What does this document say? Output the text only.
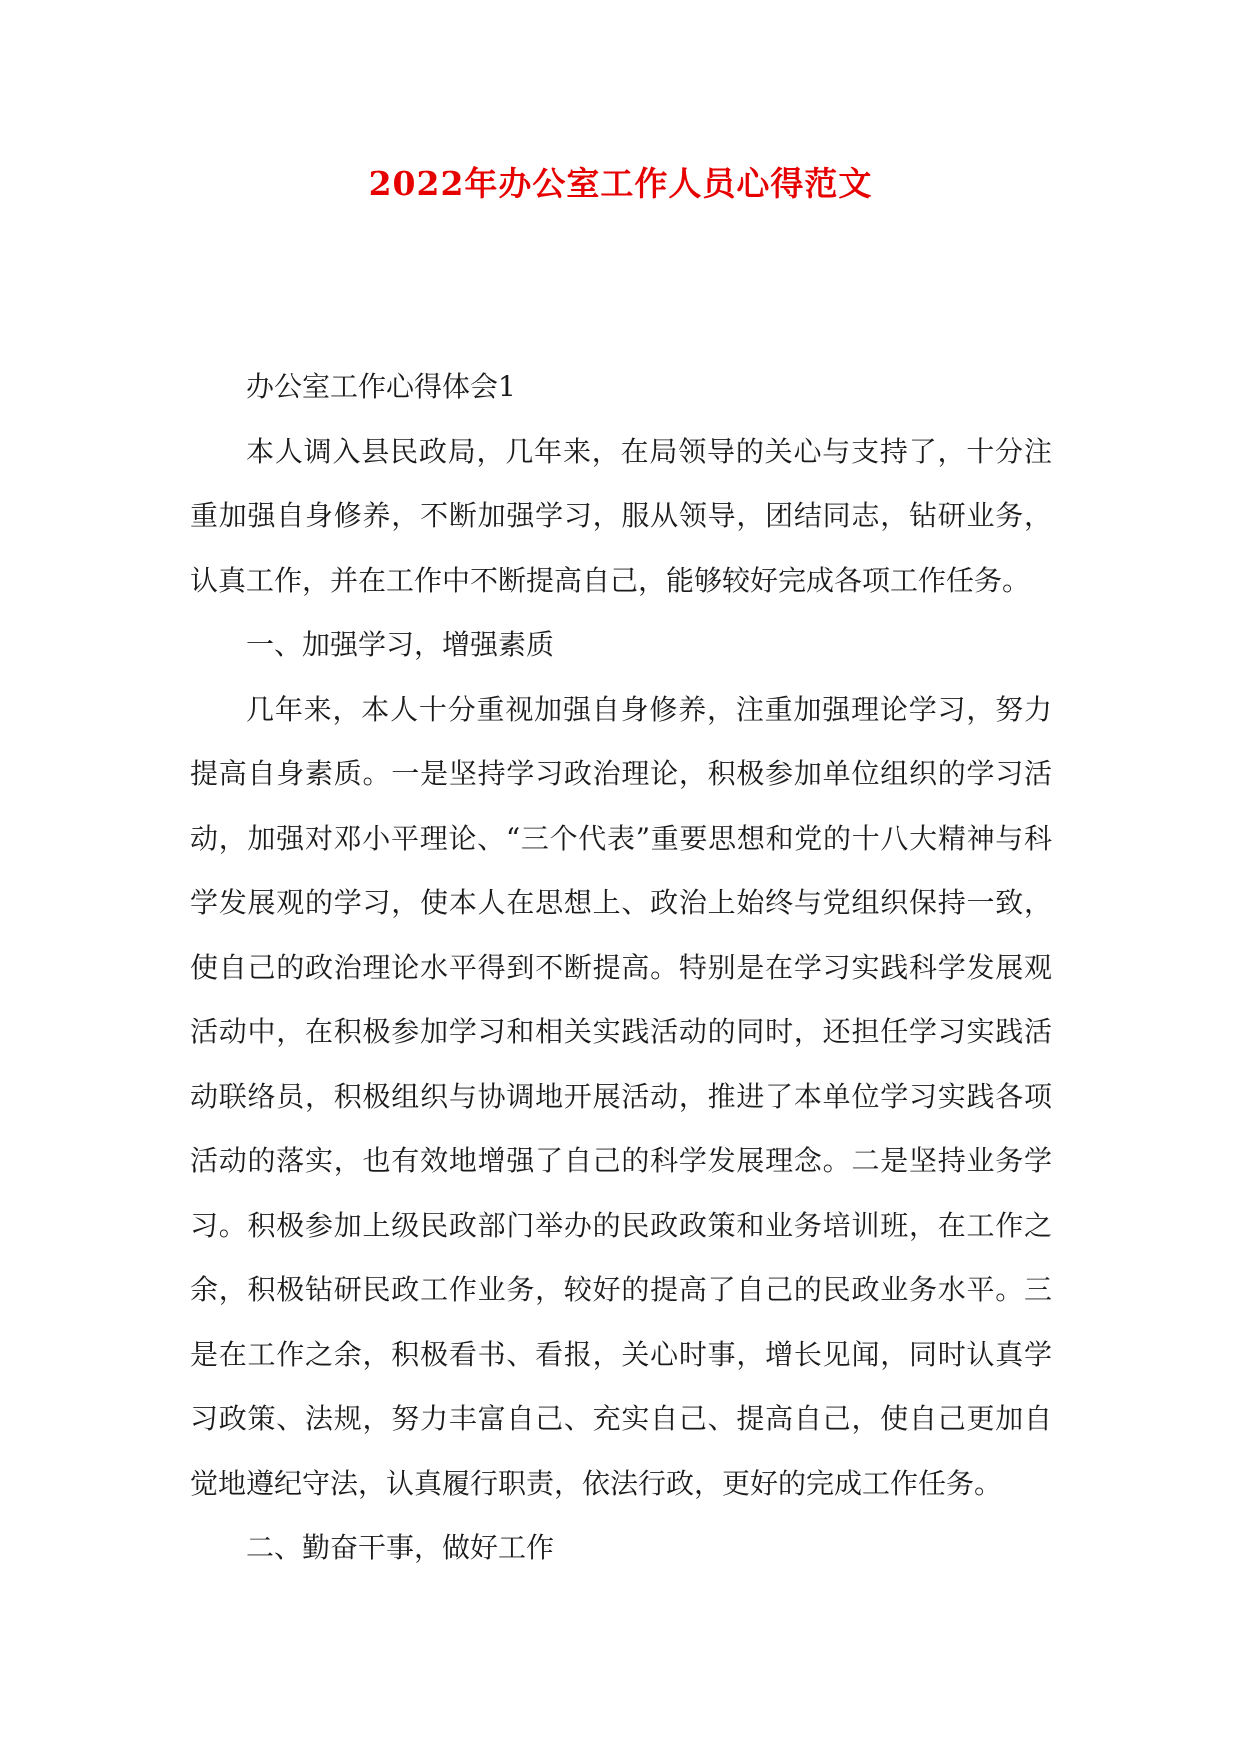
2022年办公室工作人员心得范文

办公室工作心得体会1

本人调入县民政局，几年来，在局领导的关心与支持了，十分注重加强自身修养，不断加强学习，服从领导，团结同志，钻研业务，认真工作，并在工作中不断提高自己，能够较好完成各项工作任务。

一、加强学习，增强素质

几年来，本人十分重视加强自身修养，注重加强理论学习，努力提高自身素质。一是坚持学习政治理论，积极参加单位组织的学习活动，加强对邓小平理论、“三个代表”重要思想和党的十八大精神与科学发展观的学习，使本人在思想上、政治上始终与党组织保持一致，使自己的政治理论水平得到不断提高。特别是在学习实践科学发展观活动中，在积极参加学习和相关实践活动的同时，还担任学习实践活动联络员，积极组织与协调地开展活动，推进了本单位学习实践各项活动的落实，也有效地增强了自己的科学发展理念。二是坚持业务学习。积极参加上级民政部门举办的民政政策和业务培训班，在工作之余，积极钻研民政工作业务，较好的提高了自己的民政业务水平。三是在工作之余，积极看书、看报，关心时事，增长见闻，同时认真学习政策、法规，努力丰富自己、充实自己、提高自己，使自己更加自觉地遵纪守法，认真履行职责，依法行政，更好的完成工作任务。

二、勤奋干事，做好工作
